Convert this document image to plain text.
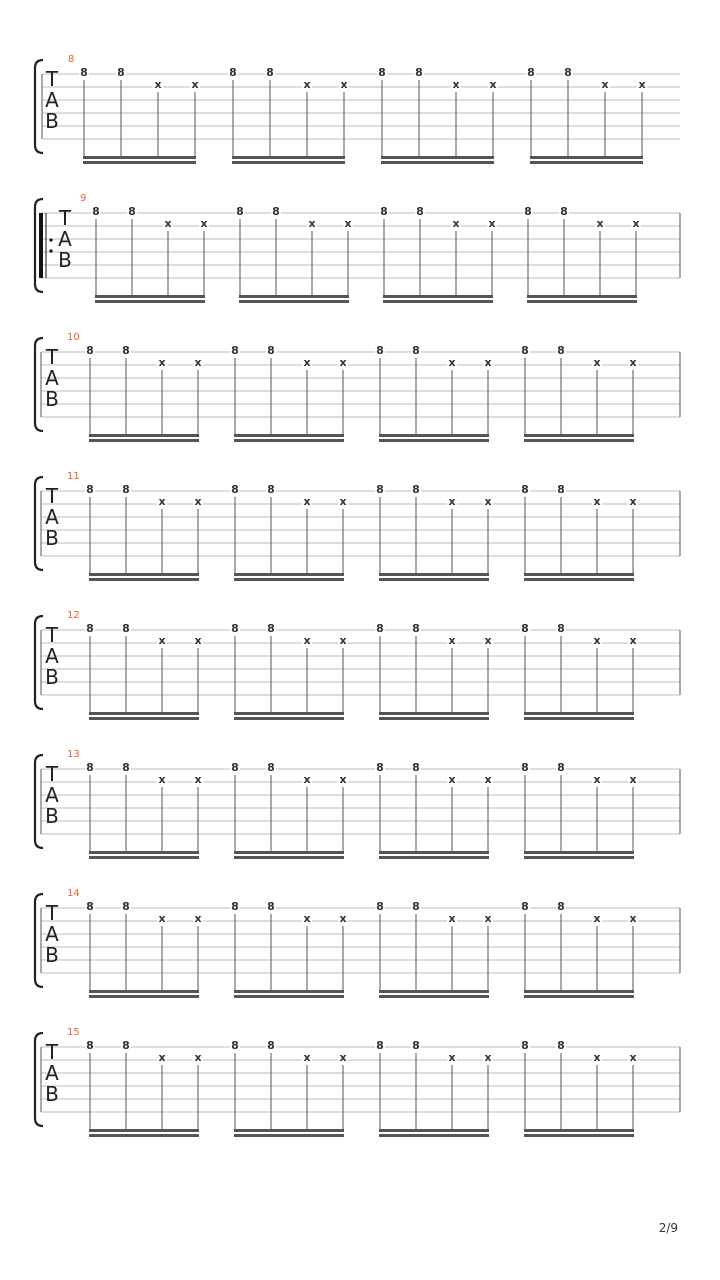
T
A
B
8
8	8
x	x
8	8
x	x
8	8
x	x
8	8
x	x
T
A
B
9
8	8
x	x
8	8
x	x
8	8
x	x
8	8
x	x
T
A
B
10
8	8
x	x
8	8
x	x
8	8
x	x
8	8
x	x
T
A
B
11
8	8
x	x
8	8
x	x
8	8
x	x
8	8
x	x
T
A
B
12
8	8
x	x
8	8
x	x
8	8
x	x
8	8
x	x
T
A
B
13
8	8
x	x
8	8
x	x
8	8
x	x
8	8
x	x
T
A
B
14
8	8
x	x
8	8
x	x
8	8
x	x
8	8
x	x
T
A
B
15
8	8
x	x
8	8
x	x
8	8
x	x
8	8
x	x
2/9
